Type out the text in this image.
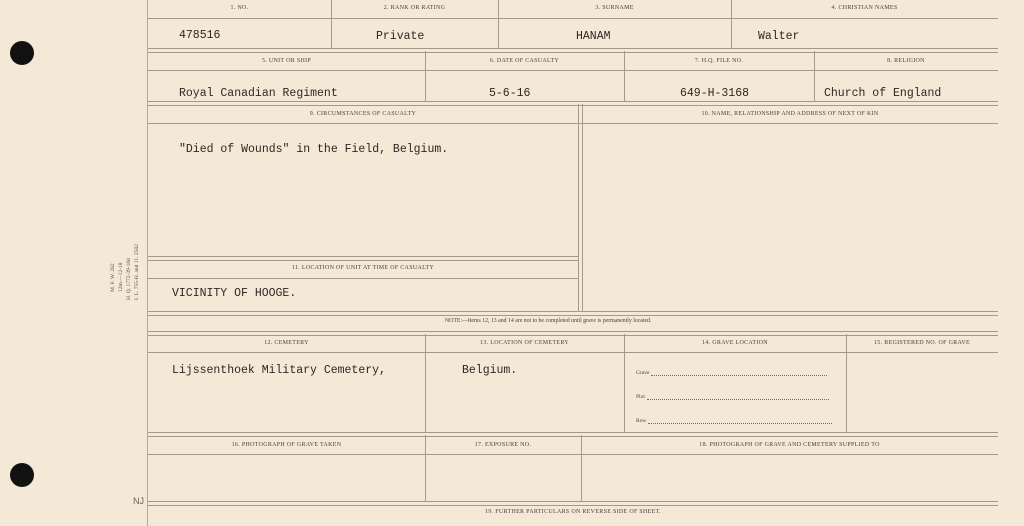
M. F. W. 282 12m.—12-18 H. Q. 1772-39-168 I. L. 755-H. and 11. 2582
NJ
1. NO.	2. RANK OR RATING	3. SURNAME	4. CHRISTIAN NAMES
478516	Private	HANAM	Walter
5. UNIT OR SHIP	6. DATE OF CASUALTY	7. H.Q. FILE NO.	8. RELIGION
Royal Canadian Regiment	5-6-16	649-H-3168	Church of England
9. CIRCUMSTANCES OF CASUALTY	10. NAME, RELATIONSHIP AND ADDRESS OF NEXT OF KIN
"Died of Wounds" in the Field, Belgium.
11. LOCATION OF UNIT AT TIME OF CASUALTY
VICINITY OF HOOGE.
NOTE:—Items 12, 13 and 14 are not to be completed until grave is permanently located.
12. CEMETERY	13. LOCATION OF CEMETERY	14. GRAVE LOCATION	15. REGISTERED NO. OF GRAVE
Lijssenthoek Military Cemetery,	Belgium.	Grave
Plot
Row
16. PHOTOGRAPH OF GRAVE TAKEN	17. EXPOSURE NO.	18. PHOTOGRAPH OF GRAVE AND CEMETERY SUPPLIED TO
19. FURTHER PARTICULARS ON REVERSE SIDE OF SHEET.
